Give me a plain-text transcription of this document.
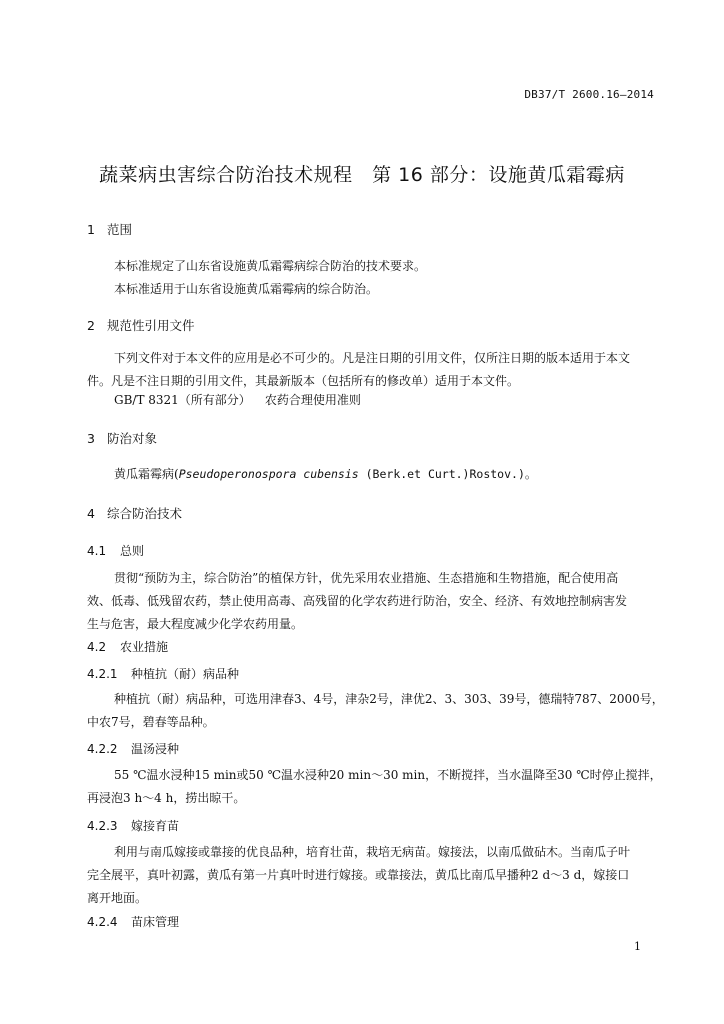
DB37/T 2600.16—2014
蔬菜病虫害综合防治技术规程　第 16 部分：设施黄瓜霜霉病
1 范围
本标准规定了山东省设施黄瓜霜霉病综合防治的技术要求。
本标准适用于山东省设施黄瓜霜霉病的综合防治。
2 规范性引用文件
下列文件对于本文件的应用是必不可少的。凡是注日期的引用文件，仅所注日期的版本适用于本文
件。凡是不注日期的引用文件，其最新版本（包括所有的修改单）适用于本文件。
GB/T 8321（所有部分） 农药合理使用准则
3 防治对象
黄瓜霜霉病(Pseudoperonospora cubensis (Berk.et Curt.)Rostov.)。
4 综合防治技术
4.1 总则
贯彻“预防为主，综合防治”的植保方针，优先采用农业措施、生态措施和生物措施，配合使用高
效、低毒、低残留农药，禁止使用高毒、高残留的化学农药进行防治，安全、经济、有效地控制病害发
生与危害，最大程度减少化学农药用量。
4.2 农业措施
4.2.1 种植抗（耐）病品种
种植抗（耐）病品种，可选用津春3、4号，津杂2号，津优2、3、303、39号，德瑞特787、2000号，
中农7号，碧春等品种。
4.2.2 温汤浸种
55 ℃温水浸种15 min或50 ℃温水浸种20 min～30 min，不断搅拌，当水温降至30 ℃时停止搅拌，
再浸泡3 h～4 h，捞出晾干。
4.2.3 嫁接育苗
利用与南瓜嫁接或靠接的优良品种，培育壮苗，栽培无病苗。嫁接法，以南瓜做砧木。当南瓜子叶
完全展平，真叶初露，黄瓜有第一片真叶时进行嫁接。或靠接法，黄瓜比南瓜早播种2 d～3 d，嫁接口
离开地面。
4.2.4 苗床管理
1
